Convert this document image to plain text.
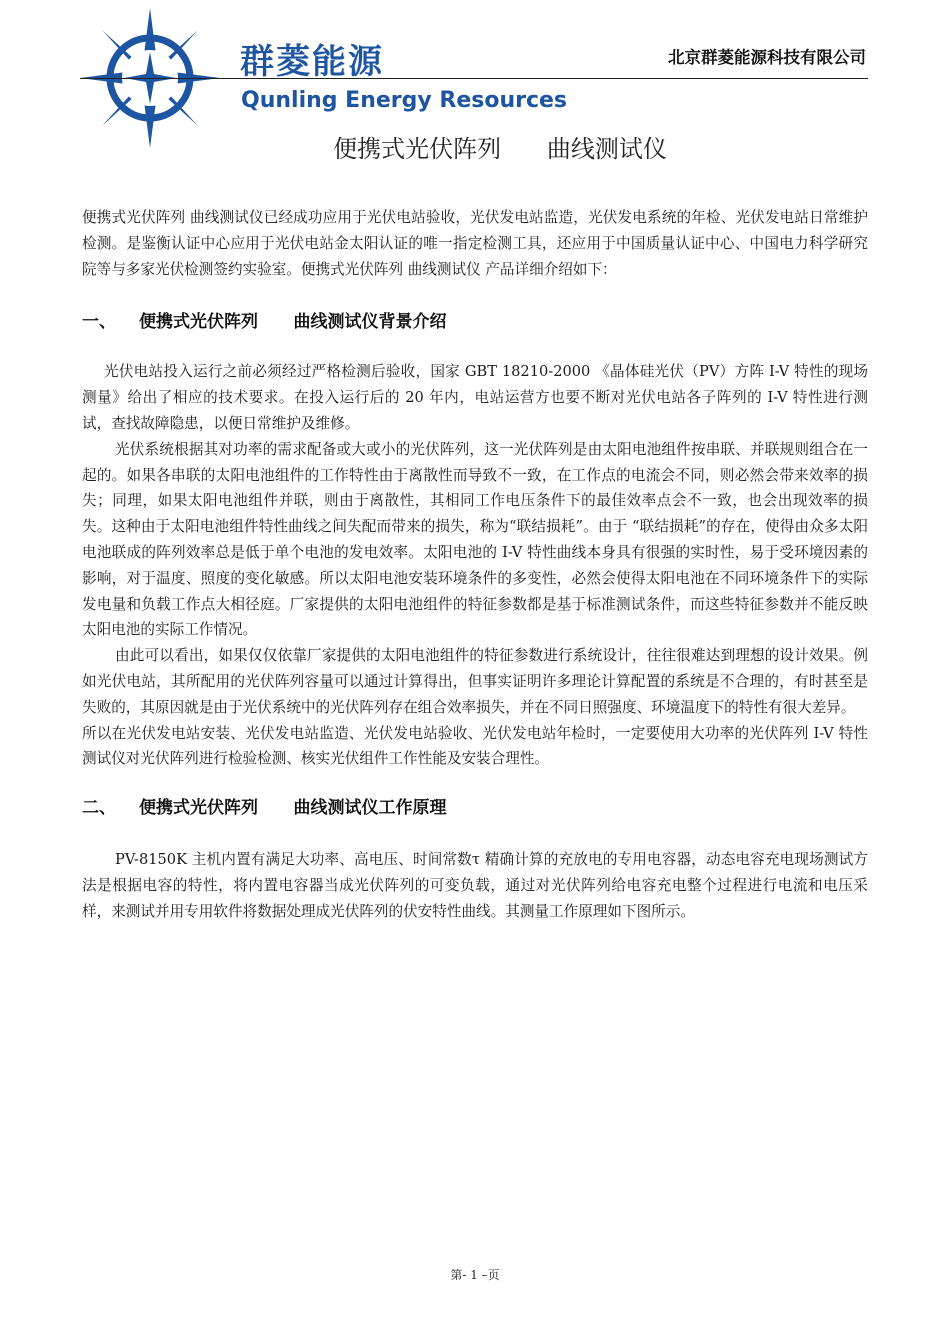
群菱能源
Qunling Energy Resources
北京群菱能源科技有限公司
便携式光伏阵列      曲线测试仪

便携式光伏阵列 曲线测试仪已经成功应用于光伏电站验收，光伏发电站监造，光伏发电系统的年检、光伏发电站日常维护检测。是鉴衡认证中心应用于光伏电站金太阳认证的唯一指定检测工具，还应用于中国质量认证中心、中国电力科学研究院等与多家光伏检测签约实验室。便携式光伏阵列 曲线测试仪 产品详细介绍如下：

一、	便携式光伏阵列      曲线测试仪背景介绍

光伏电站投入运行之前必须经过严格检测后验收，国家 GBT 18210-2000 《晶体硅光伏（PV）方阵 I-V 特性的现场测量》给出了相应的技术要求。在投入运行后的 20 年内，电站运营方也要不断对光伏电站各子阵列的 I-V 特性进行测试，查找故障隐患，以便日常维护及维修。

光伏系统根据其对功率的需求配备或大或小的光伏阵列，这一光伏阵列是由太阳电池组件按串联、并联规则组合在一起的。如果各串联的太阳电池组件的工作特性由于离散性而导致不一致，在工作点的电流会不同，则必然会带来效率的损失；同理，如果太阳电池组件并联，则由于离散性，其相同工作电压条件下的最佳效率点会不一致，也会出现效率的损失。这种由于太阳电池组件特性曲线之间失配而带来的损失，称为“联结损耗”。由于 “联结损耗”的存在，使得由众多太阳电池联成的阵列效率总是低于单个电池的发电效率。太阳电池的 I-V 特性曲线本身具有很强的实时性，易于受环境因素的影响，对于温度、照度的变化敏感。所以太阳电池安装环境条件的多变性，必然会使得太阳电池在不同环境条件下的实际发电量和负载工作点大相径庭。厂家提供的太阳电池组件的特征参数都是基于标准测试条件，而这些特征参数并不能反映太阳电池的实际工作情况。

由此可以看出，如果仅仅依靠厂家提供的太阳电池组件的特征参数进行系统设计，往往很难达到理想的设计效果。例如光伏电站，其所配用的光伏阵列容量可以通过计算得出，但事实证明许多理论计算配置的系统是不合理的，有时甚至是失败的，其原因就是由于光伏系统中的光伏阵列存在组合效率损失，并在不同日照强度、环境温度下的特性有很大差异。

所以在光伏发电站安装、光伏发电站监造、光伏发电站验收、光伏发电站年检时，一定要使用大功率的光伏阵列 I-V 特性测试仪对光伏阵列进行检验检测、核实光伏组件工作性能及安装合理性。

二、	便携式光伏阵列      曲线测试仪工作原理

PV-8150K 主机内置有满足大功率、高电压、时间常数τ 精确计算的充放电的专用电容器，动态电容充电现场测试方法是根据电容的特性，将内置电容器当成光伏阵列的可变负载，通过对光伏阵列给电容充电整个过程进行电流和电压采样，来测试并用专用软件将数据处理成光伏阵列的伏安特性曲线。其测量工作原理如下图所示。

第- 1 –页
